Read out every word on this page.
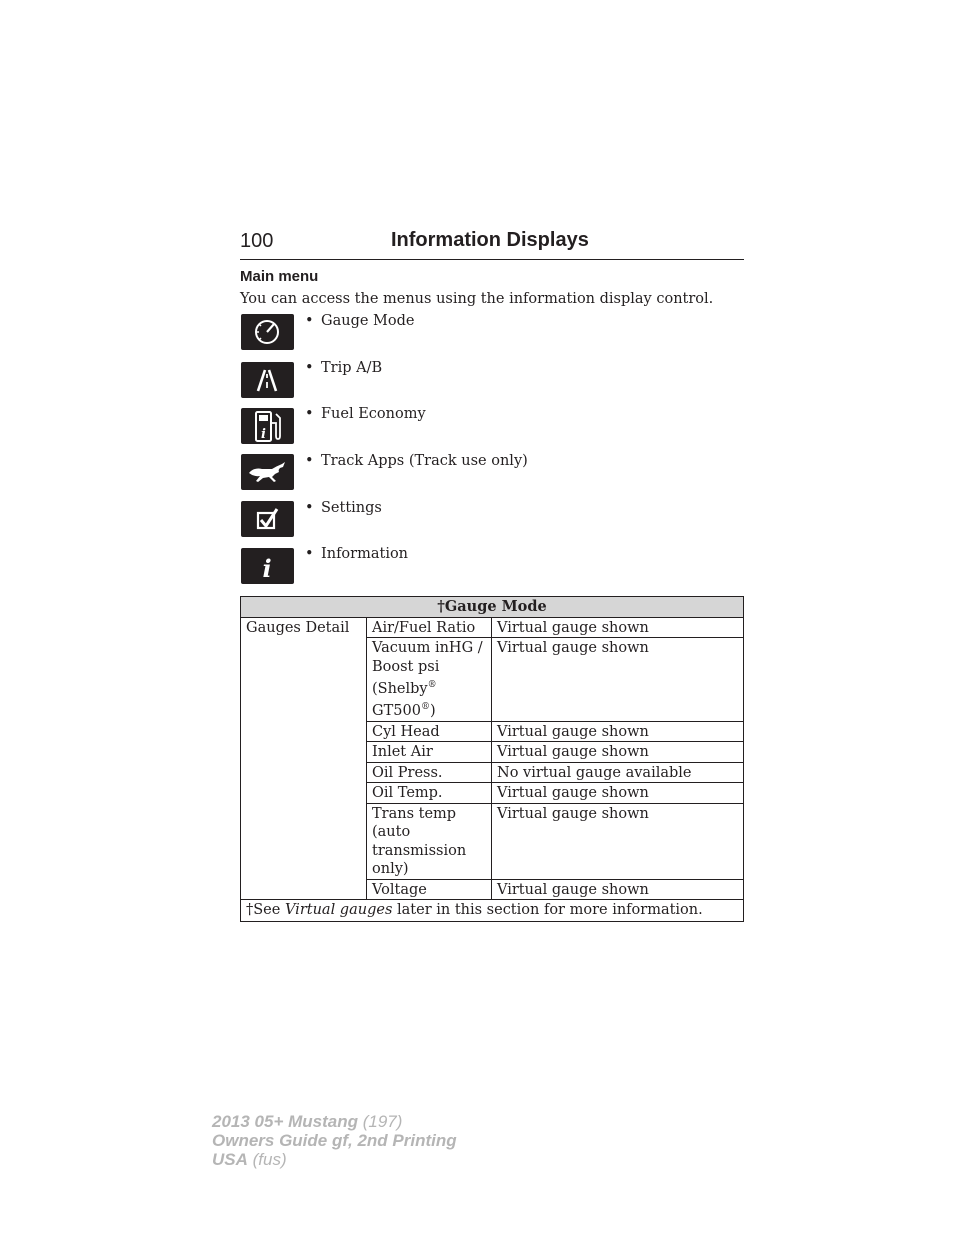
100	Information Displays
Main menu
You can access the menus using the information display control.
i
i
• Gauge Mode
• Trip A/B
• Fuel Economy
• Track Apps (Track use only)
• Settings
• Information
†Gauge Mode		
Gauges Detail	Air/Fuel Ratio	Virtual gauge shown
	Vacuum inHG /
Boost psi
(Shelby®
GT500®)	Virtual gauge shown
	Cyl Head	Virtual gauge shown
	Inlet Air	Virtual gauge shown
	Oil Press.	No virtual gauge available
	Oil Temp.	Virtual gauge shown
	Trans temp (auto transmission only)	Virtual gauge shown
	Voltage	Virtual gauge shown
†See Virtual gauges later in this section for more information.		
2013 05+ Mustang (197)
Owners Guide gf, 2nd Printing
USA (fus)
